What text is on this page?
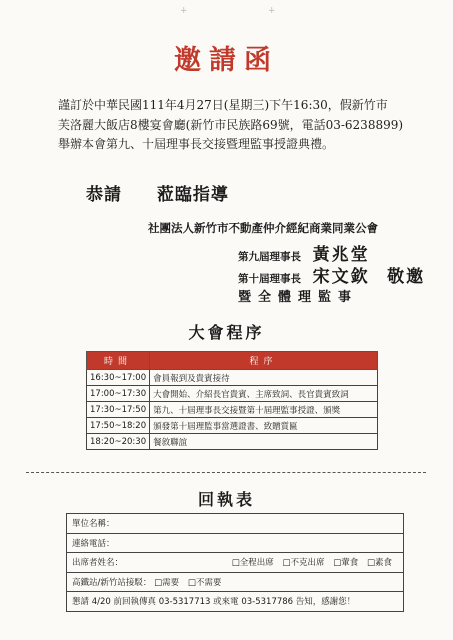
+	+
邀請函
謹訂於中華民國111年4月27日(星期三)下午16:30，假新竹市
芙洛麗大飯店8樓宴會廳(新竹市民族路69號，電話03-6238899)
舉辦本會第九、十屆理事長交接暨理監事授證典禮。
恭請 蒞臨指導
社團法人新竹市不動產仲介經紀商業同業公會
第九屆理事長 黃兆堂
第十屆理事長 宋文欽 敬邀
暨全體理監事
大會程序
時間	程序
16:30~17:00	會員報到及貴賓接待
17:00~17:30	大會開始、介紹長官貴賓、主席致詞、長官貴賓致詞
17:30~17:50	第九、十屆理事長交接暨第十屆理監事授證、頒獎
17:50~18:20	頒發第十屆理監事當選證書、致贈質匾
18:20~20:30	餐敘聯誼
回執表
單位名稱：
連絡電話：
出席者姓名：	□全程出席 □不克出席 □葷食 □素食
高鐵站/新竹站接駁： □需要 □不需要
懇請 4/20 前回執傳真 03-5317713 或來電 03-5317786 告知，感謝您！
